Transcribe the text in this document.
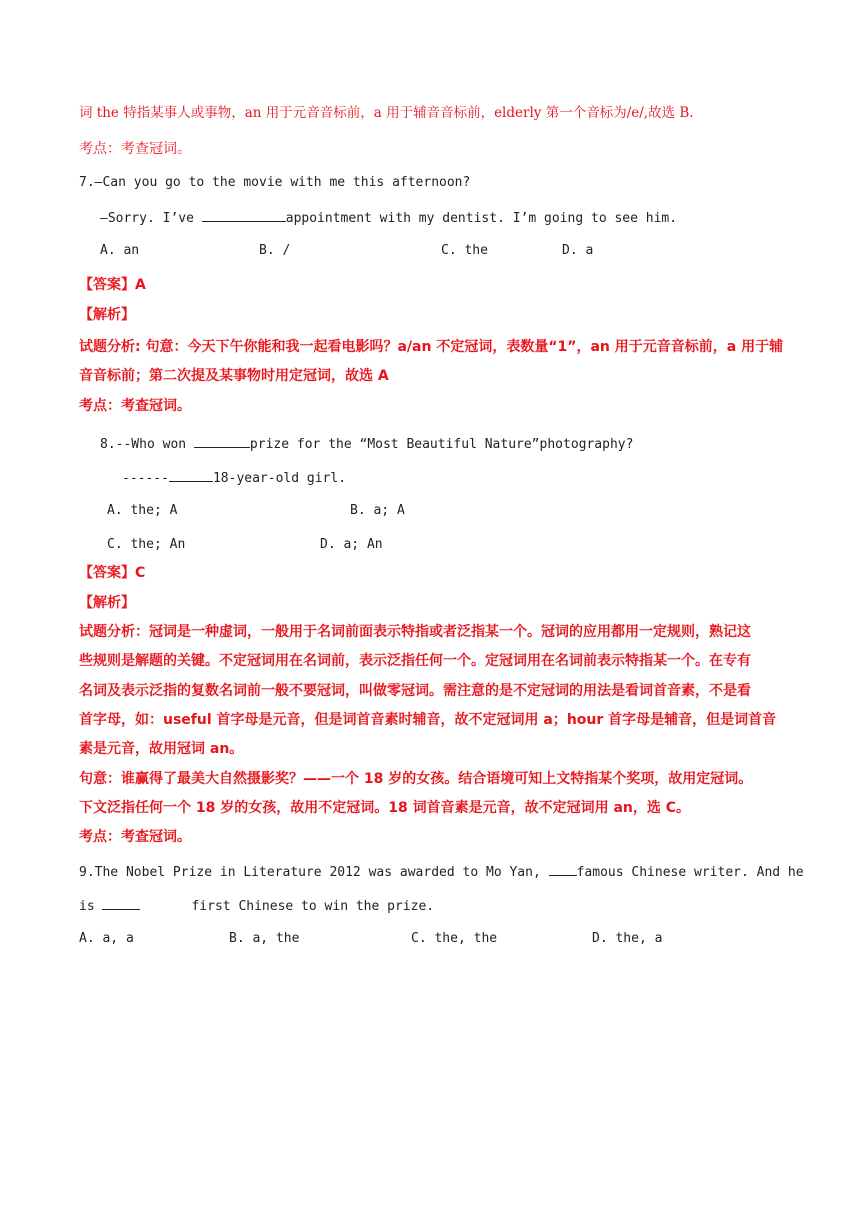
词 the 特指某事人或事物，an 用于元音音标前，a 用于辅音音标前，elderly 第一个音标为/e/,故选 B.
考点：考查冠词。
7.—Can you go to the movie with me this afternoon?
—Sorry. I’ve	appointment with my dentist. I’m going to see him.
A. an	B. /	C. the	D. a
【答案】A
【解析】
试题分析: 句意：今天下午你能和我一起看电影吗？a/an 不定冠词，表数量“1”，an 用于元音音标前，a 用于辅
音音标前；第二次提及某事物时用定冠词，故选 A
考点：考查冠词。
8.--Who won	prize for the “Most Beautiful Nature”photography?
------	18-year-old girl.
A. the; A	B. a; A
C. the; An	D. a; An
【答案】C
【解析】
试题分析：冠词是一种虚词，一般用于名词前面表示特指或者泛指某一个。冠词的应用都用一定规则，熟记这
些规则是解题的关键。不定冠词用在名词前，表示泛指任何一个。定冠词用在名词前表示特指某一个。在专有
名词及表示泛指的复数名词前一般不要冠词，叫做零冠词。需注意的是不定冠词的用法是看词首音素，不是看
首字母，如：useful 首字母是元音，但是词首音素时辅音，故不定冠词用 a；hour 首字母是辅音，但是词首音
素是元音，故用冠词 an。
句意：谁赢得了最美大自然摄影奖？——一个 18 岁的女孩。结合语境可知上文特指某个奖项，故用定冠词。
下文泛指任何一个 18 岁的女孩，故用不定冠词。18 词首音素是元音，故不定冠词用 an，选 C。
考点：考查冠词。
9.The Nobel Prize in Literature 2012 was awarded to Mo Yan, famous Chinese writer. And he
is	first Chinese to win the prize.
A. a, a	B. a, the	C. the, the	D. the, a
